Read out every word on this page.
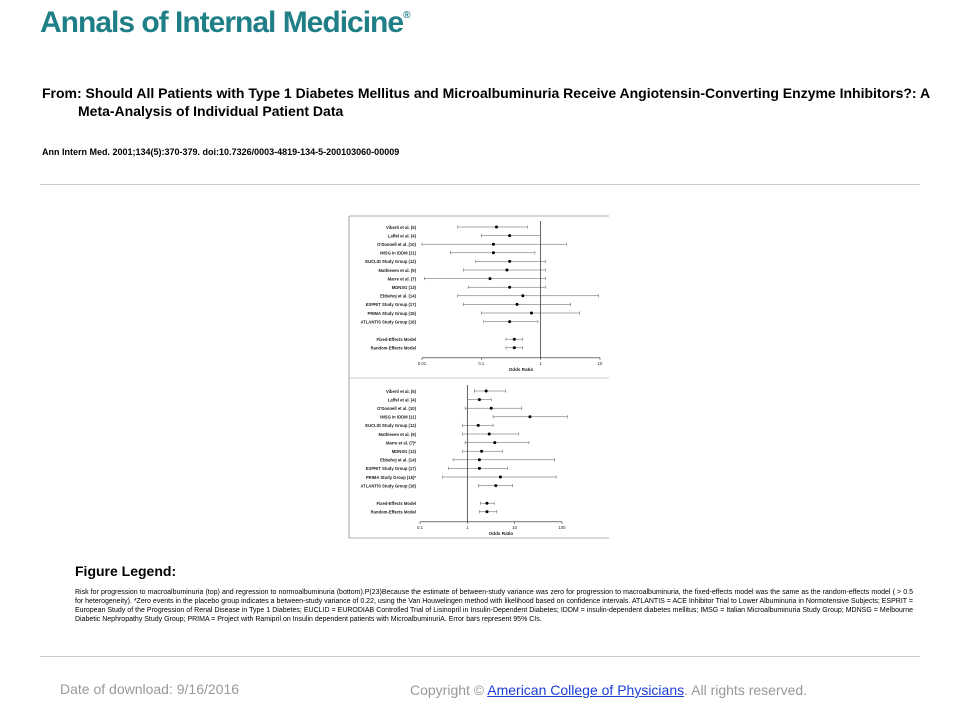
Annals of Internal Medicine®
From: Should All Patients with Type 1 Diabetes Mellitus and Microalbuminuria Receive Angiotensin-Converting Enzyme Inhibitors?: A Meta-Analysis of Individual Patient Data
Ann Intern Med. 2001;134(5):370-379. doi:10.7326/0003-4819-134-5-200103060-00009
Viberti et al. (5)
Laffel et al. (4)
O'Donnell et al. (10)
IMSG in IDDM (11)
EUCLID Study Group (12)
Mathiesen et al. (9)
Marre et al. (7)
MDNSG (13)
Ebbehoj et al. (14)
ESPRIT Study Group (17)
PRIMA Study Group (15)
ATLANTIS Study Group (16)
Fixed-Effects Model
Random-Effects Model
0.01	0.1	1	10
Odds Ratio
Viberti et al. (5)
Laffel et al. (4)
O'Donnell et al. (10)
IMSG in IDDM (11)
EUCLID Study Group (12)
Mathiesen et al. (9)
Marre et al. (7)*
MDNSG (13)
Ebbehoj et al. (14)
ESPRIT Study Group (17)
PRIMA Study Group (15)*
ATLANTIS Study Group (16)
Fixed-Effects Model
Random-Effects Model
0.1	1	10	100
Odds Ratio
Figure Legend:
Risk for progression to macroalbuminuria (top) and regression to normoalbuminuria (bottom).P(23)Because the estimate of between-study variance was zero for progression to macroalbuminuria, the fixed-effects model was the same as the random-effects model ( > 0.5 for heterogeneity). *Zero events in the placebo group indicates a between-study variance of 0.22, using the Van Houwelingen method with likelihood based on confidence intervals. ATLANTIS = ACE Inhibitor Trial to Lower Albuminuria in Normotensive Subjects; ESPRIT = European Study of the Progression of Renal Disease in Type 1 Diabetes; EUCLID = EURODIAB Controlled Trial of Lisinopril in Insulin-Dependent Diabetes; IDDM = insulin-dependent diabetes mellitus; IMSG = Italian Microalbuminuria Study Group; MDNSG = Melbourne Diabetic Nephropathy Study Group; PRIMA = Project with Ramipril on Insulin dependent patients with MicroalbuminuriA. Error bars represent 95% CIs.
Date of download: 9/16/2016	Copyright © American College of Physicians. All rights reserved.
